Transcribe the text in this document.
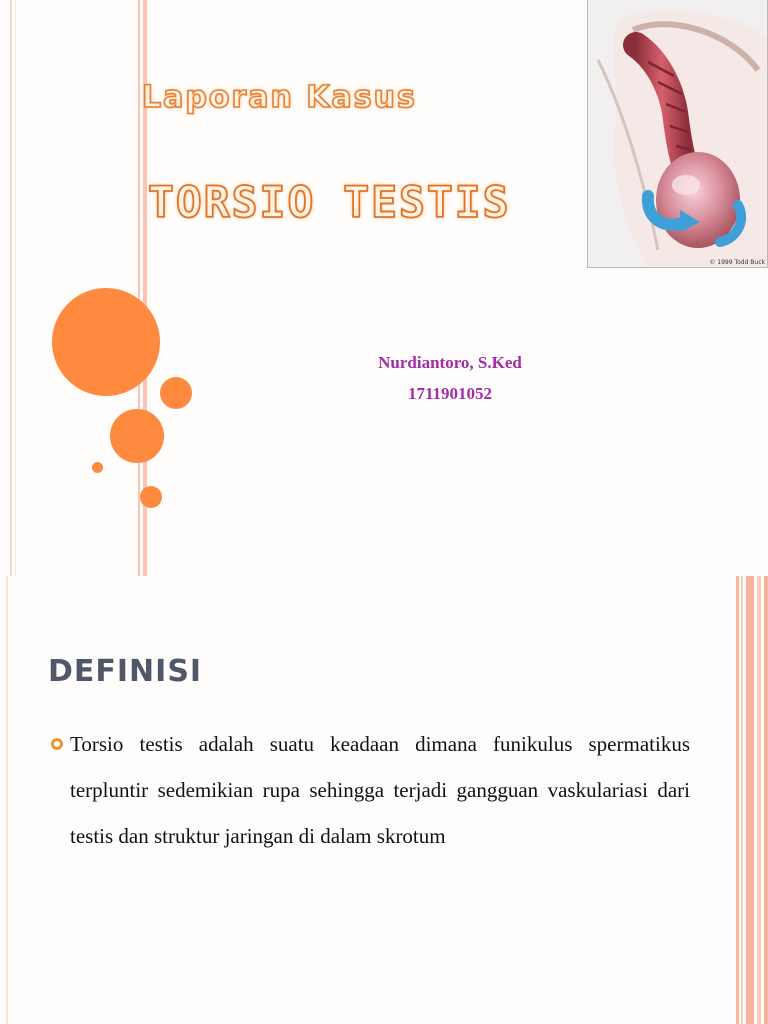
Laporan Kasus
TORSIO TESTIS
Nurdiantoro, S.Ked
1711901052
© 1999 Todd Buck
DEFINISI

Torsio testis adalah suatu keadaan dimana funikulus spermatikus terpluntir sedemikian rupa sehingga terjadi gangguan vaskulariasi dari testis dan struktur jaringan di dalam skrotum
